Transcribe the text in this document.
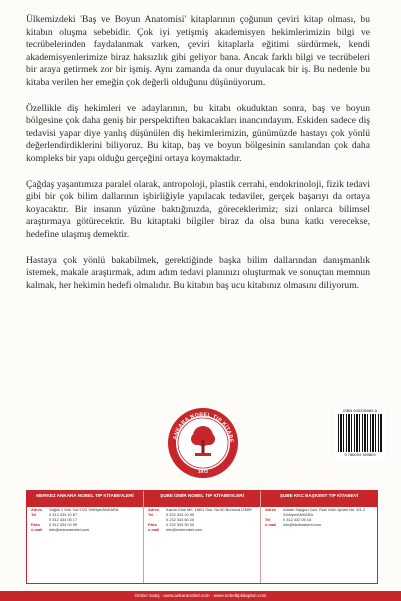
Ülkemizdeki 'Baş ve Boyun Anatomisi' kitaplarının çoğunun çeviri kitap olması, bu kitabın oluşma sebebidir. Çok iyi yetişmiş akademisyen hekimlerimizin bilgi ve tecrübelerinden faydalanmak varken, çeviri kitaplarla eğitimi sürdürmek, kendi akademisyenlerimize biraz haksızlık gibi geliyor bana. Ancak farklı bilgi ve tecrübeleri bir araya getirmek zor bir işmiş. Aynı zamanda da onur duyulacak bir iş. Bu nedenle bu kitaba verilen her emeğin çok değerli olduğunu düşünüyorum.

Özellikle diş hekimleri ve adaylarının, bu kitabı okuduktan sonra, baş ve boyun bölgesine çok daha geniş bir perspektiften bakacakları inancındayım. Eskiden sadece diş tedavisi yapar diye yanlış düşünülen diş hekimlerimizin, günümüzde hastayı çok yönlü değerlendirdiklerini biliyoruz. Bu kitap, baş ve boyun bölgesinin sanılandan çok daha kompleks bir yapı olduğu gerçeğini ortaya koymaktadır.

Çağdaş yaşantımıza paralel olarak, antropoloji, plastik cerrahi, endokrinoloji, fizik tedavi gibi bir çok bilim dallarının işbirliğiyle yapılacak tedaviler, gerçek başarıyı da ortaya koyacaktır. Bir insanın yüzüne baktığınızda, göreceklerimiz; sizi onlarca bilimsel araştırmaya götürecektir. Bu kitaptaki bilgiler biraz da olsa buna katkı verecekse, hedefine ulaşmış demektir.

Hastaya çok yönlü bakabilmek, gerektiğinde başka bilim dallarından danışmanlık istemek, makale araştırmak, adım adım tedavi planınızı oluşturmak ve sonuçtan memnun kalmak, her hekimin hedefi olmalıdır. Bu kitabın baş ucu kitabınız olmasını diliyorum.

ANKARA NOBEL TIP KİTABE
1972
ISBN 605335985-5
9 786053 359803
MERKEZ ANKARA NOBEL TIP KİTABEVLERİ
Adres	Sağlık 1 Sok. No:17/D Sıhhiye/ANKARA
Tel	0 312 434 10 87
0 312 434 05 17
Faks	0 312 434 02 99
e-mail	info@ankaranobel.com
ŞUBE İZMİR NOBEL TIP KİTABEVLERİ
Adres	Kazım Dirik Mh. 186/1 Sok. No:50 Bornova İZMİR
Tel	0 232 343 10 50
0 232 343 60 20
Faks	0 232 343 30 00
e-mail	info@izmirnobel.com
ŞUBE KKC BAŞKENT TIP KİTABEVİ
Adres	Adnan Saygun Cad. Özel Ürün İşhanı No: 4/1-2 Sıhhiye/ANKARA
Tel	0 312 432 05 18
e-mail	info@kkcbaskent.com
Online Satış : www.ankaranobel.com · www.nobeltipkitaplari.com
